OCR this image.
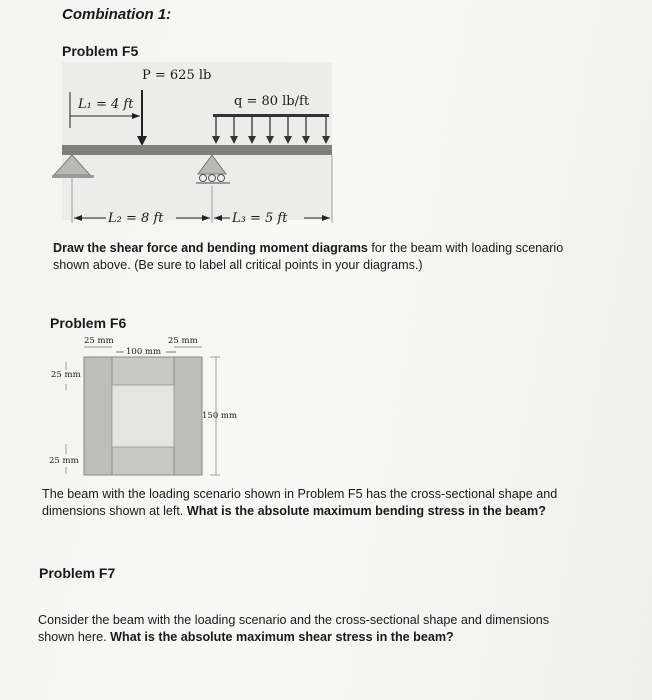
Combination 1:
Problem F5
P = 625 lb
q = 80 lb/ft
L₁ = 4 ft
L₂ = 8 ft	L₃ = 5 ft
Draw the shear force and bending moment diagrams for the beam with loading scenario
shown above. (Be sure to label all critical points in your diagrams.)
Problem F6
25 mm	25 mm
100 mm
25 mm
150 mm
25 mm
The beam with the loading scenario shown in Problem F5 has the cross-sectional shape and
dimensions shown at left. What is the absolute maximum bending stress in the beam?
Problem F7
Consider the beam with the loading scenario and the cross-sectional shape and dimensions
shown here. What is the absolute maximum shear stress in the beam?
